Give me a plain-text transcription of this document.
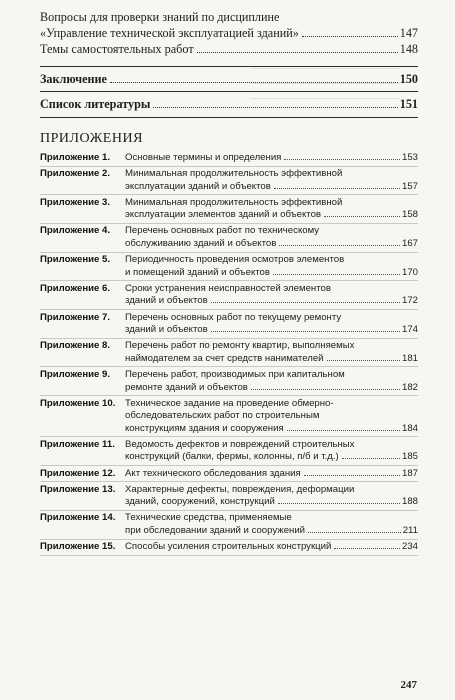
Вопросы для проверки знаний по дисциплине
«Управление технической эксплуатацией зданий»	147
Темы самостоятельных работ	148
Заключение	150
Список литературы	151
ПРИЛОЖЕНИЯ
Приложение 1.	Основные термины и определения	153
Приложение 2.	Минимальная продолжительность эффективной
эксплуатации зданий и объектов	157
Приложение 3.	Минимальная продолжительность эффективной
эксплуатации элементов зданий и объектов	158
Приложение 4.	Перечень основных работ по техническому
обслуживанию зданий и объектов	167
Приложение 5.	Периодичность проведения осмотров элементов
и помещений зданий и объектов	170
Приложение 6.	Сроки устранения неисправностей элементов
зданий и объектов	172
Приложение 7.	Перечень основных работ по текущему ремонту
зданий и объектов	174
Приложение 8.	Перечень работ по ремонту квартир, выполняемых
наймодателем за счет средств нанимателей	181
Приложение 9.	Перечень работ, производимых при капитальном
ремонте зданий и объектов	182
Приложение 10. Техническое задание на проведение обмерно-
обследовательских работ по строительным
конструкциям здания и сооружения	184
Приложение 11.	Ведомость дефектов и повреждений строительных
конструкций (балки, фермы, колонны, п/б и т.д.)	185
Приложение 12. Акт технического обследования здания	187
Приложение 13. Характерные дефекты, повреждения, деформации
зданий, сооружений, конструкций	188
Приложение 14. Технические средства, применяемые
при обследовании зданий и сооружений	211
Приложение 15. Способы усиления строительных конструкций	234
247
